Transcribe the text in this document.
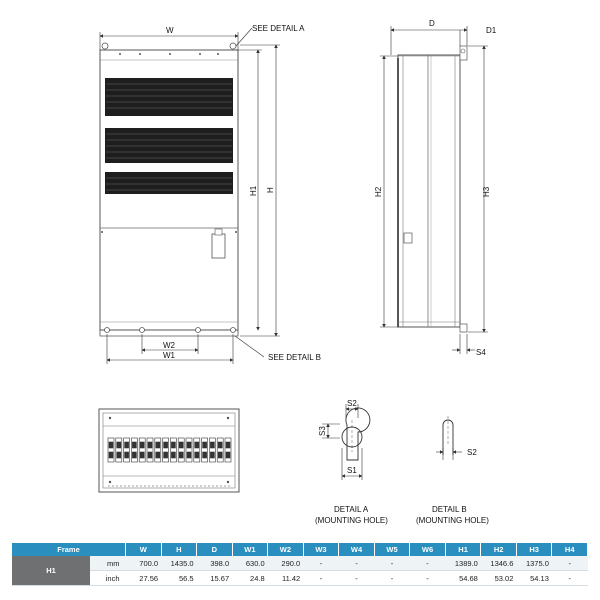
W	SEE DETAIL A
H1 H
W2
W1	SEE DETAIL B
D
D1
H2	H3
S4
S2
S3
S1
DETAIL A
(MOUNTING HOLE)
S2
DETAIL B
(MOUNTING HOLE)
Frame		W	H	D	W1	W2	W3	W4	W5	W6	H1	H2	H3	H4
H1	mm	700.0	1435.0	398.0	630.0	290.0	-	-	-	-	1389.0	1346.6	1375.0	-
	inch	27.56	56.5	15.67	24.8	11.42	-	-	-	-	54.68	53.02	54.13	-
